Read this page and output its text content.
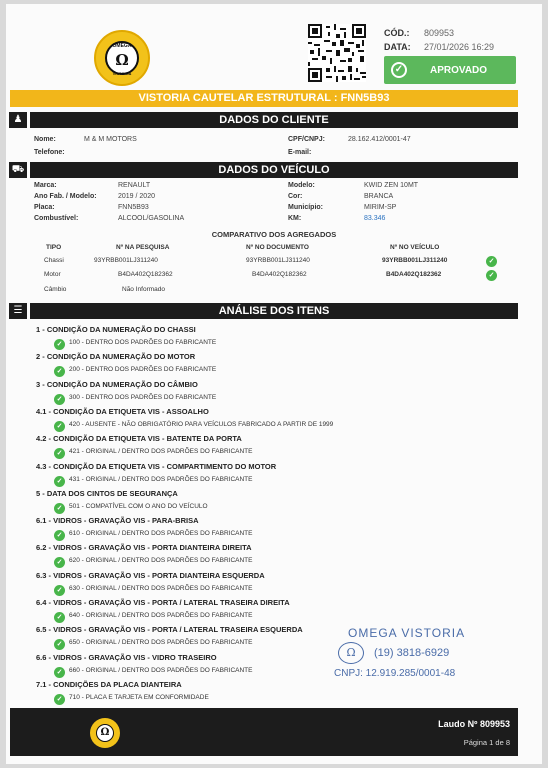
OMEGA
Ω
VISTORIA
CÓD.: 809953
DATA: 27/01/2026 16:29
✓	APROVADO
VISTORIA CAUTELAR ESTRUTURAL : FNN5B93
♟	DADOS DO CLIENTE
Nome:	M & M MOTORS	CPF/CNPJ:	28.162.412/0001-47
Telefone:	E-mail:
⛟	DADOS DO VEÍCULO
Marca:	RENAULT	Modelo:	KWID ZEN 10MT
Ano Fab. / Modelo:	2019 / 2020	Cor:	BRANCA
Placa:	FNN5B93	Município:	MIRIM-SP
Combustível:	ALCOOL/GASOLINA	KM:	83.346
COMPARATIVO DOS AGREGADOS
TIPO	Nº NA PESQUISA	Nº NO DOCUMENTO	Nº NO VEÍCULO
Chassi	93YRBB001LJ311240	93YRBB001LJ311240	93YRBB001LJ311240	✓
Motor	B4DA402Q182362	B4DA402Q182362	B4DA402Q182362	✓
Câmbio	Não Informado
☰	ANÁLISE DOS ITENS
1 - CONDIÇÃO DA NUMERAÇÃO DO CHASSI
✓ 100 - DENTRO DOS PADRÕES DO FABRICANTE
2 - CONDIÇÃO DA NUMERAÇÃO DO MOTOR
✓ 200 - DENTRO DOS PADRÕES DO FABRICANTE
3 - CONDIÇÃO DA NUMERAÇÃO DO CÂMBIO
✓ 300 - DENTRO DOS PADRÕES DO FABRICANTE
4.1 - CONDIÇÃO DA ETIQUETA VIS - ASSOALHO
✓ 420 - AUSENTE - NÃO OBRIGATÓRIO PARA VEÍCULOS FABRICADO A PARTIR DE 1999
4.2 - CONDIÇÃO DA ETIQUETA VIS - BATENTE DA PORTA
✓ 421 - ORIGINAL / DENTRO DOS PADRÕES DO FABRICANTE
4.3 - CONDIÇÃO DA ETIQUETA VIS - COMPARTIMENTO DO MOTOR
✓ 431 - ORIGINAL / DENTRO DOS PADRÕES DO FABRICANTE
5 - DATA DOS CINTOS DE SEGURANÇA
✓ 501 - COMPATÍVEL COM O ANO DO VEÍCULO
6.1 - VIDROS - GRAVAÇÃO VIS - PARA-BRISA
✓ 610 - ORIGINAL / DENTRO DOS PADRÕES DO FABRICANTE
6.2 - VIDROS - GRAVAÇÃO VIS - PORTA DIANTEIRA DIREITA
✓ 620 - ORIGINAL / DENTRO DOS PADRÕES DO FABRICANTE
6.3 - VIDROS - GRAVAÇÃO VIS - PORTA DIANTEIRA ESQUERDA
✓ 630 - ORIGINAL / DENTRO DOS PADRÕES DO FABRICANTE
6.4 - VIDROS - GRAVAÇÃO VIS - PORTA / LATERAL TRASEIRA DIREITA
✓ 640 - ORIGINAL / DENTRO DOS PADRÕES DO FABRICANTE
6.5 - VIDROS - GRAVAÇÃO VIS - PORTA / LATERAL TRASEIRA ESQUERDA
✓ 650 - ORIGINAL / DENTRO DOS PADRÕES DO FABRICANTE
6.6 - VIDROS - GRAVAÇÃO VIS - VIDRO TRASEIRO
✓ 660 - ORIGINAL / DENTRO DOS PADRÕES DO FABRICANTE
7.1 - CONDIÇÕES DA PLACA DIANTEIRA
✓ 710 - PLACA E TARJETA EM CONFORMIDADE
OMEGA VISTORIA
Ω	(19) 3818-6929
CNPJ: 12.919.285/0001-48
Ω
Laudo Nº 809953
Página 1 de 8
